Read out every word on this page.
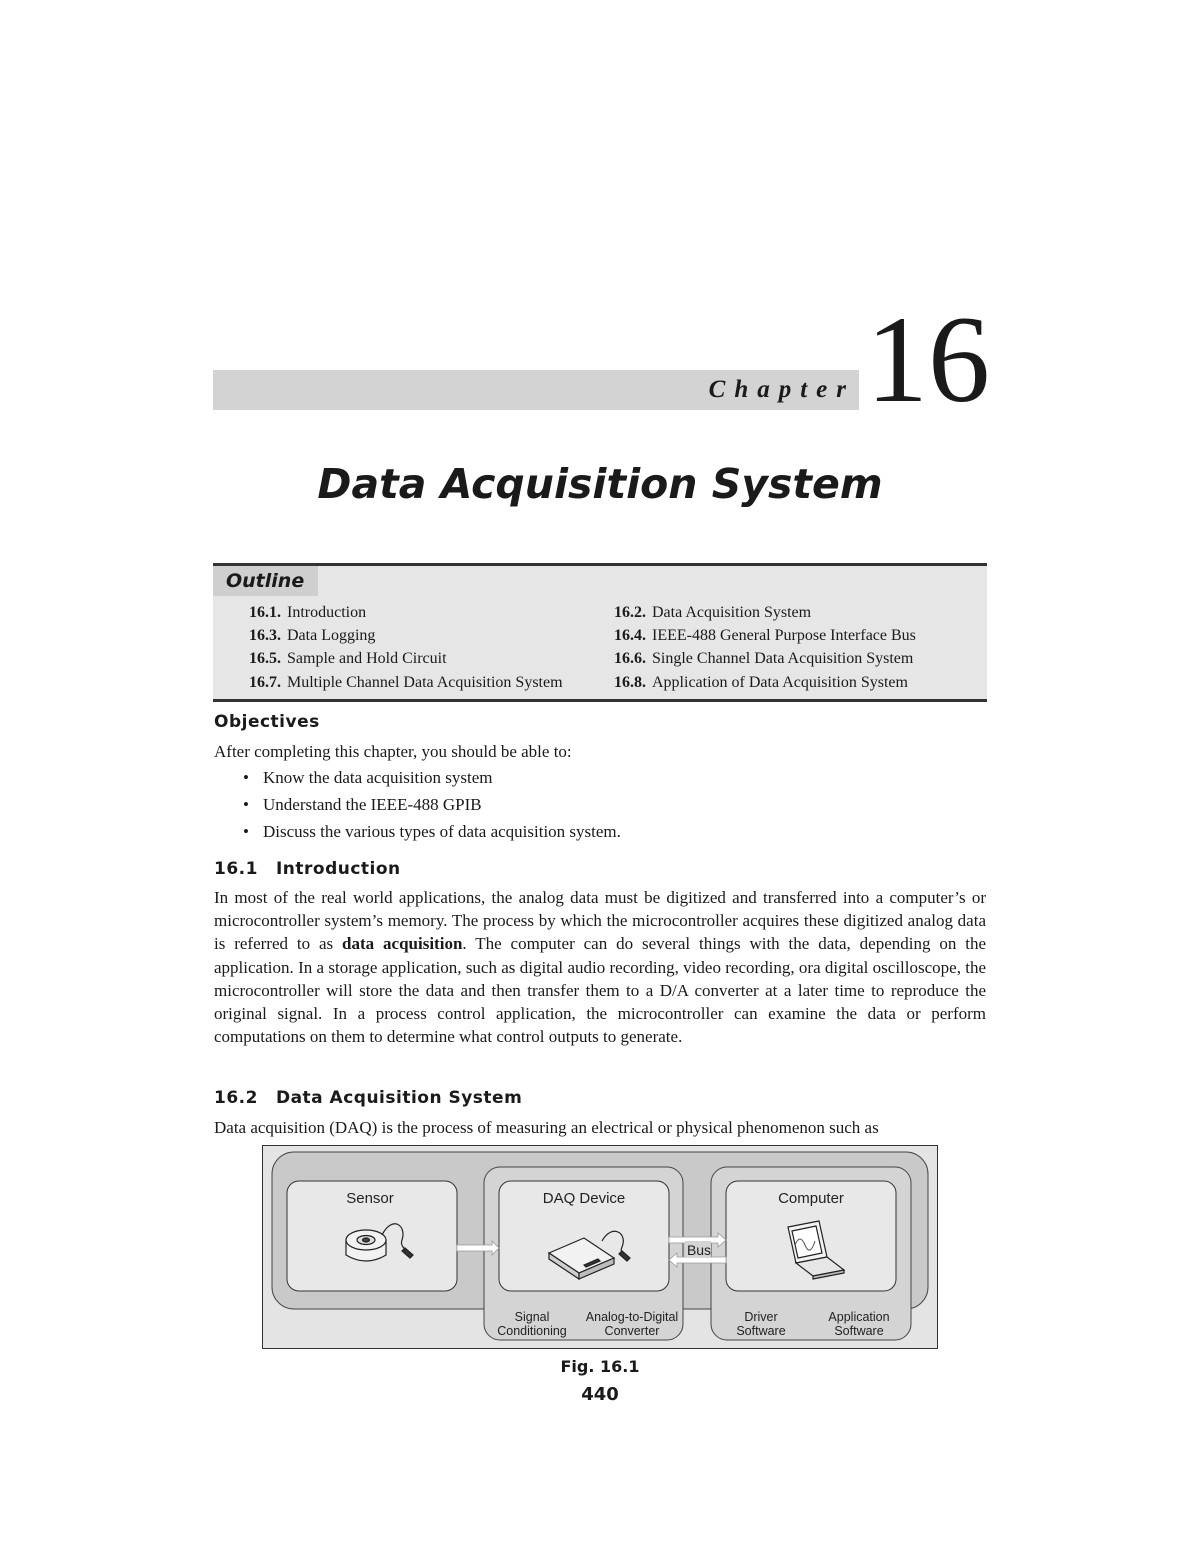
Chapter 16
Data Acquisition System
Outline
16.1. Introduction	16.2. Data Acquisition System
16.3. Data Logging	16.4. IEEE-488 General Purpose Interface Bus
16.5. Sample and Hold Circuit	16.6. Single Channel Data Acquisition System
16.7. Multiple Channel Data Acquisition System	16.8. Application of Data Acquisition System
Objectives
After completing this chapter, you should be able to:
• Know the data acquisition system
• Understand the IEEE-488 GPIB
• Discuss the various types of data acquisition system.
16.1 Introduction
In most of the real world applications, the analog data must be digitized and transferred into a computer’s or microcontroller system’s memory. The process by which the microcontroller acquires these digitized analog data is referred to as data acquisition. The computer can do several things with the data, depending on the application. In a storage application, such as digital audio recording, video recording, ora digital oscilloscope, the microcontroller will store the data and then transfer them to a D/A converter at a later time to reproduce the original signal. In a process control application, the microcontroller can examine the data or perform computations on them to determine what control outputs to generate.
16.2 Data Acquisition System
Data acquisition (DAQ) is the process of measuring an electrical or physical phenomenon such as
Sensor	DAQ Device	Computer
Bus
Signal
Conditioning
Analog-to-Digital
Converter
Driver
Software
Application
Software
Fig. 16.1
440
